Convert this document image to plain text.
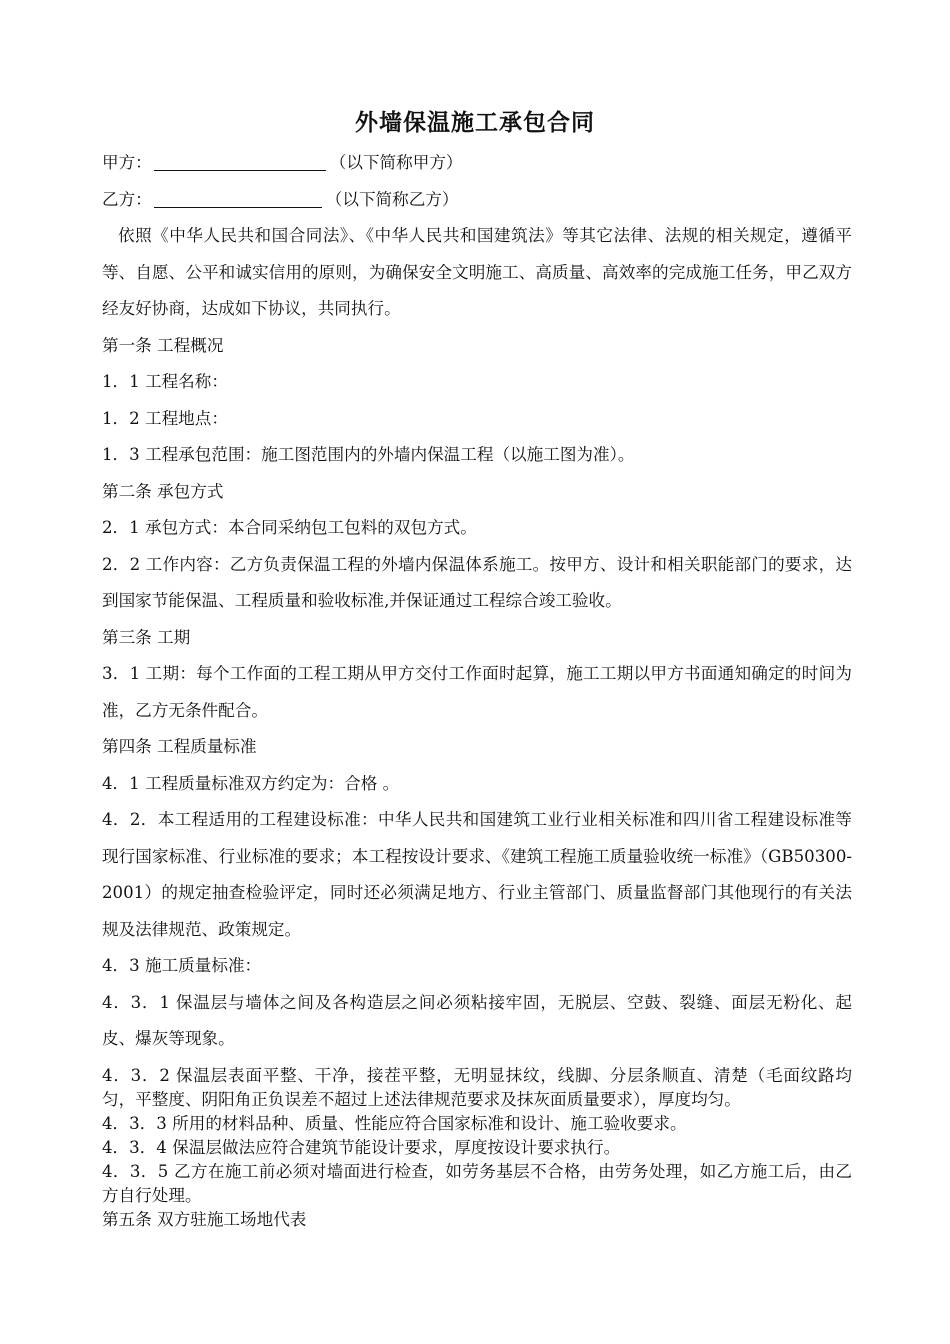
外墙保温施工承包合同

甲方：	（以下简称甲方）

乙方：	（以下简称乙方）

依照《中华人民共和国合同法》、《中华人民共和国建筑法》等其它法律、法规的相关规定，遵循平等、自愿、公平和诚实信用的原则，为确保安全文明施工、高质量、高效率的完成施工任务，甲乙双方经友好协商，达成如下协议，共同执行。

第一条 工程概况

1．1 工程名称：

1．2 工程地点：

1．3 工程承包范围：施工图范围内的外墙内保温工程（以施工图为准）。

第二条 承包方式

2．1 承包方式：本合同采纳包工包料的双包方式。

2．2 工作内容：乙方负责保温工程的外墙内保温体系施工。按甲方、设计和相关职能部门的要求，达到国家节能保温、工程质量和验收标准,并保证通过工程综合竣工验收。

第三条 工期

3．1 工期：每个工作面的工程工期从甲方交付工作面时起算，施工工期以甲方书面通知确定的时间为准，乙方无条件配合。

第四条 工程质量标准

4．1 工程质量标准双方约定为：合格 。

4．2．本工程适用的工程建设标准：中华人民共和国建筑工业行业相关标准和四川省工程建设标准等现行国家标准、行业标准的要求；本工程按设计要求、《建筑工程施工质量验收统一标准》（GB50300-2001）的规定抽查检验评定，同时还必须满足地方、行业主管部门、质量监督部门其他现行的有关法规及法律规范、政策规定。

4．3 施工质量标准：

4．3．1 保温层与墙体之间及各构造层之间必须粘接牢固，无脱层、空鼓、裂缝、面层无粉化、起皮、爆灰等现象。

4．3．2 保温层表面平整、干净，接茬平整，无明显抹纹，线脚、分层条顺直、清楚（毛面纹路均匀，平整度、阴阳角正负误差不超过上述法律规范要求及抹灰面质量要求），厚度均匀。

4．3．3 所用的材料品种、质量、性能应符合国家标准和设计、施工验收要求。

4．3．4 保温层做法应符合建筑节能设计要求，厚度按设计要求执行。

4．3．5 乙方在施工前必须对墙面进行检查，如劳务基层不合格，由劳务处理，如乙方施工后，由乙方自行处理。

第五条 双方驻施工场地代表
